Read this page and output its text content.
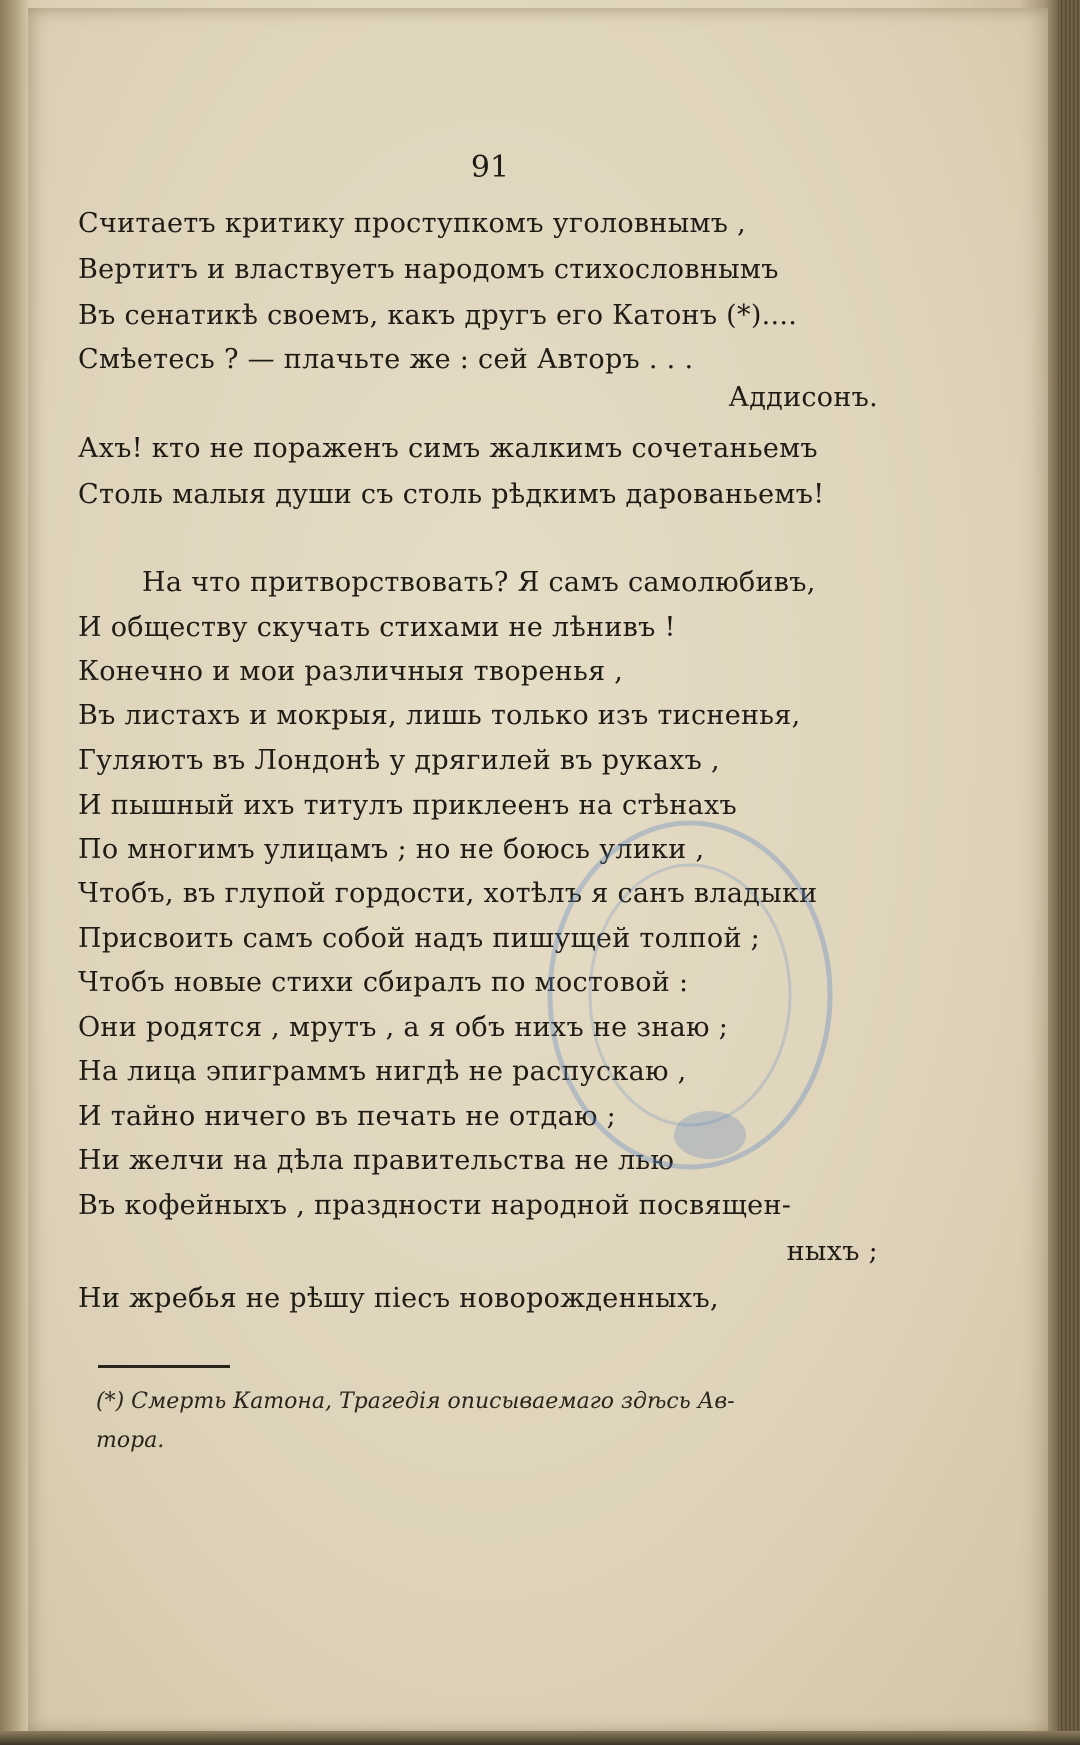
91
Считаетъ критику проступкомъ уголовнымъ ,
Вертитъ и властвуетъ народомъ стихословнымъ
Въ сенатикѣ своемъ, какъ другъ его Катонъ (*)....
Смѣетесь ? — плачьте же : сей Авторъ . . .
Аддисонъ.
Ахъ! кто не пораженъ симъ жалкимъ сочетаньемъ
Столь малыя души съ столь рѣдкимъ дарованьемъ!
На что притворствовать? Я самъ самолюбивъ,
И обществу скучать стихами не лѣнивъ !
Конечно и мои различныя творенья ,
Въ листахъ и мокрыя, лишь только изъ тисненья,
Гуляютъ въ Лондонѣ у дрягилей въ рукахъ ,
И пышный ихъ титулъ приклеенъ на стѣнахъ
По многимъ улицамъ ; но не боюсь улики ,
Чтобъ, въ глупой гордости, хотѣлъ я санъ владыки
Присвоить самъ собой надъ пишущей толпой ;
Чтобъ новые стихи сбиралъ по мостовой :
Они родятся , мрутъ , а я объ нихъ не знаю ;
На лица эпиграммъ нигдѣ не распускаю ,
И тайно ничего въ печать не отдаю ;
Ни желчи на дѣла правительства не лью
Въ кофейныхъ , праздности народной посвящен-
ныхъ ;
Ни жребья не рѣшу пiесъ новорожденныхъ,
(*) Смерть Катона, Трагедiя описываемаго здѣсь Ав-
тора.
